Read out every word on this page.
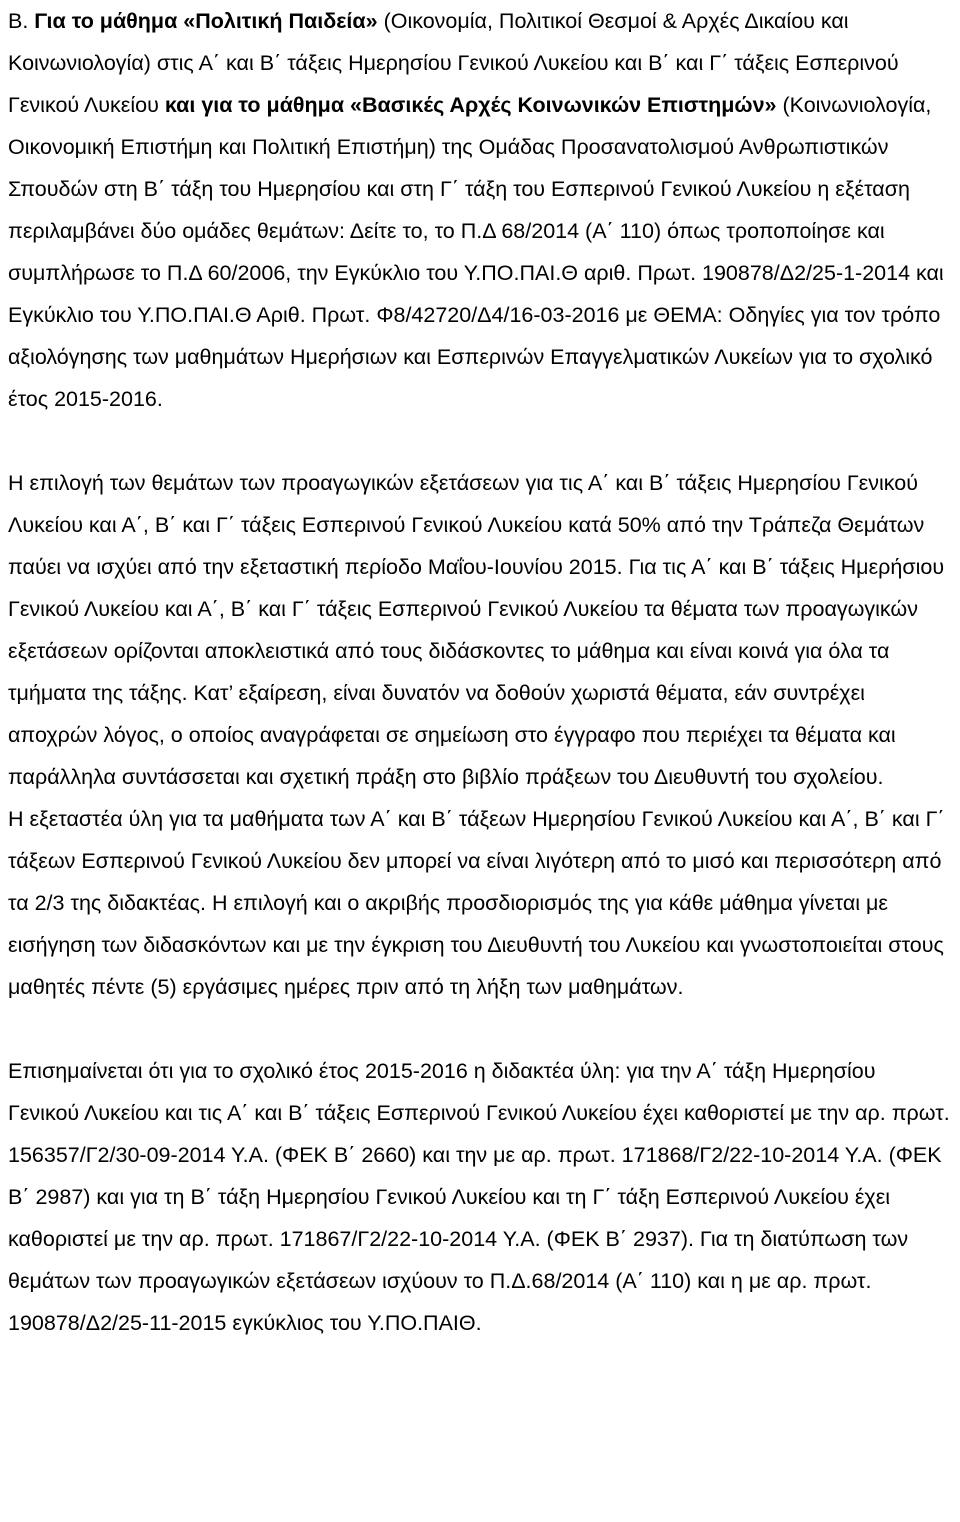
Β. Για το μάθημα «Πολιτική Παιδεία» (Οικονομία, Πολιτικοί Θεσμοί & Αρχές Δικαίου και Κοινωνιολογία) στις Α΄ και Β΄ τάξεις Ημερησίου Γενικού Λυκείου και Β΄ και Γ΄ τάξεις Εσπερινού Γενικού Λυκείου και για το μάθημα «Βασικές Αρχές Κοινωνικών Επιστημών» (Κοινωνιολογία, Οικονομική Επιστήμη και Πολιτική Επιστήμη) της Ομάδας Προσανατολισμού Ανθρωπιστικών Σπουδών στη Β΄ τάξη του Ημερησίου και στη Γ΄ τάξη του Εσπερινού Γενικού Λυκείου η εξέταση περιλαμβάνει δύο ομάδες θεμάτων: Δείτε το, το Π.Δ 68/2014 (Α΄ 110) όπως τροποποίησε και συμπλήρωσε το Π.Δ 60/2006, την Εγκύκλιο του Υ.ΠΟ.ΠΑΙ.Θ αριθ. Πρωτ. 190878/Δ2/25-1-2014 και Εγκύκλιο του Υ.ΠΟ.ΠΑΙ.Θ Αριθ. Πρωτ. Φ8/42720/Δ4/16-03-2016 με ΘΕΜΑ: Οδηγίες για τον τρόπο αξιολόγησης των μαθημάτων Ημερήσιων και Εσπερινών Επαγγελματικών Λυκείων για το σχολικό έτος 2015-2016.

Η επιλογή των θεμάτων των προαγωγικών εξετάσεων για τις Α΄ και Β΄ τάξεις Ημερησίου Γενικού Λυκείου και Α΄, Β΄ και Γ΄ τάξεις Εσπερινού Γενικού Λυκείου κατά 50% από την Τράπεζα Θεμάτων παύει να ισχύει από την εξεταστική περίοδο Μαΐου-Ιουνίου 2015. Για τις Α΄ και Β΄ τάξεις Ημερήσιου Γενικού Λυκείου και Α΄, Β΄ και Γ΄ τάξεις Εσπερινού Γενικού Λυκείου τα θέματα των προαγωγικών εξετάσεων ορίζονται αποκλειστικά από τους διδάσκοντες το μάθημα και είναι κοινά για όλα τα τμήματα της τάξης. Κατ’ εξαίρεση, είναι δυνατόν να δοθούν χωριστά θέματα, εάν συντρέχει αποχρών λόγος, ο οποίος αναγράφεται σε σημείωση στο έγγραφο που περιέχει τα θέματα και παράλληλα συντάσσεται και σχετική πράξη στο βιβλίο πράξεων του Διευθυντή του σχολείου.

Η εξεταστέα ύλη για τα μαθήματα των Α΄ και Β΄ τάξεων Ημερησίου Γενικού Λυκείου και Α΄, Β΄ και Γ΄ τάξεων Εσπερινού Γενικού Λυκείου δεν μπορεί να είναι λιγότερη από το μισό και περισσότερη από τα 2/3 της διδακτέας. Η επιλογή και ο ακριβής προσδιορισμός της για κάθε μάθημα γίνεται με εισήγηση των διδασκόντων και με την έγκριση του Διευθυντή του Λυκείου και γνωστοποιείται στους μαθητές πέντε (5) εργάσιμες ημέρες πριν από τη λήξη των μαθημάτων.

Επισημαίνεται ότι για το σχολικό έτος 2015-2016 η διδακτέα ύλη: για την Α΄ τάξη Ημερησίου Γενικού Λυκείου και τις Α΄ και Β΄ τάξεις Εσπερινού Γενικού Λυκείου έχει καθοριστεί με την αρ. πρωτ. 156357/Γ2/30-09-2014 Υ.Α. (ΦΕΚ Β΄ 2660) και την με αρ. πρωτ. 171868/Γ2/22-10-2014 Υ.Α. (ΦΕΚ Β΄ 2987) και για τη Β΄ τάξη Ημερησίου Γενικού Λυκείου και τη Γ΄ τάξη Εσπερινού Λυκείου έχει καθοριστεί με την αρ. πρωτ. 171867/Γ2/22-10-2014 Υ.Α. (ΦΕΚ Β΄ 2937). Για τη διατύπωση των θεμάτων των προαγωγικών εξετάσεων ισχύουν το Π.Δ.68/2014 (Α΄ 110) και η με αρ. πρωτ. 190878/Δ2/25-11-2015 εγκύκλιος του Υ.ΠΟ.ΠΑΙΘ.
